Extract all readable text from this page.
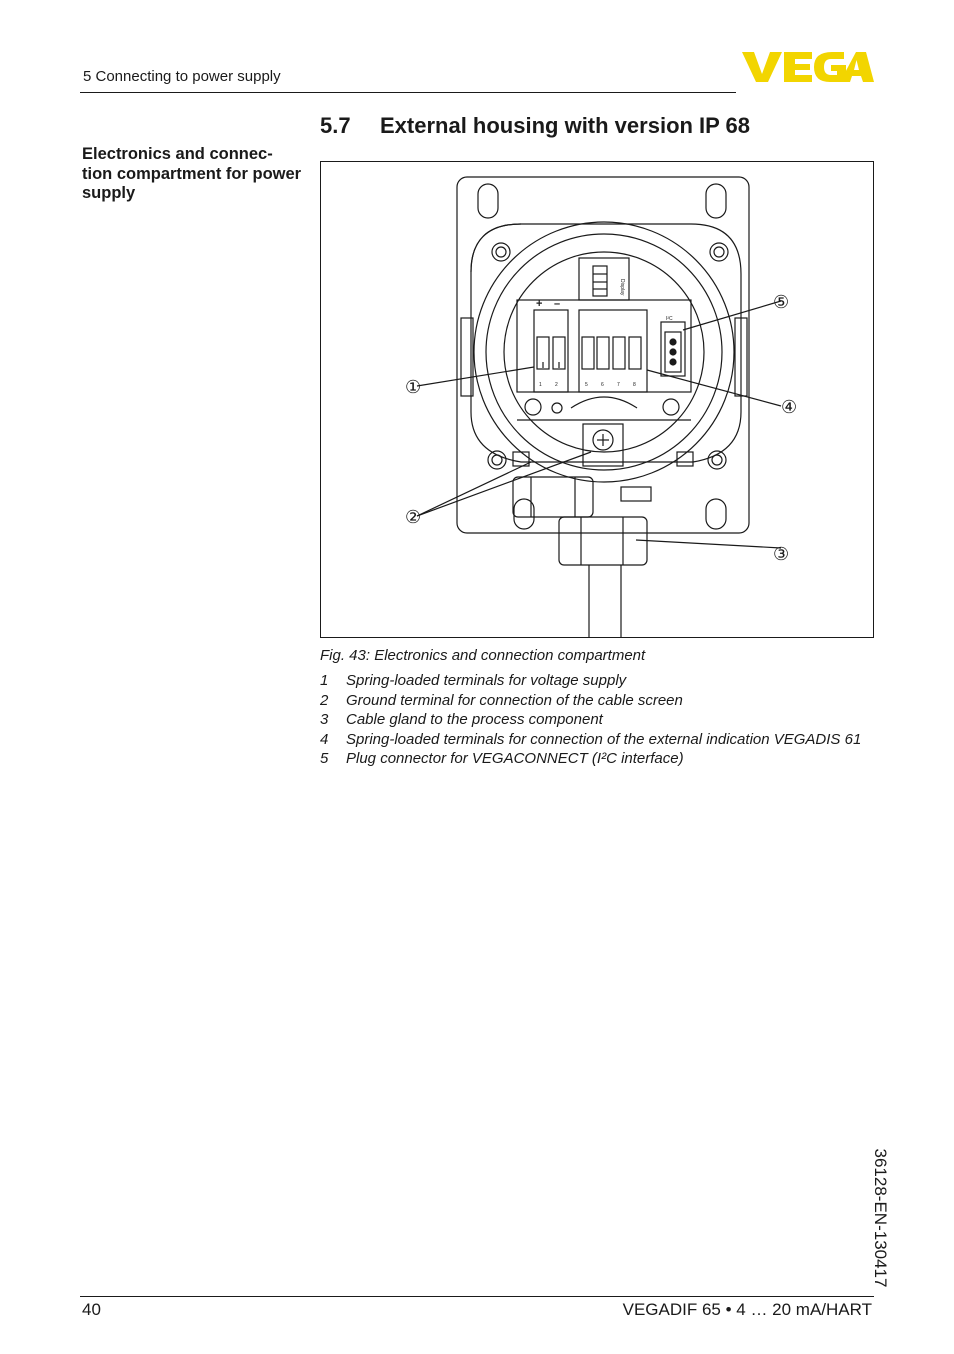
5 Connecting to power supply
5.7 External housing with version IP 68
Electronics and connec-tion compartment for power supply
①
②
③
④
⑤
1	2	5	6	7	8
I²C
Display
+ –
Fig. 43: Electronics and connection compartment
1	Spring-loaded terminals for voltage supply
2	Ground terminal for connection of the cable screen
3	Cable gland to the process component
4	Spring-loaded terminals for connection of the external indication VEGADIS 61
5	Plug connector for VEGACONNECT (I²C interface)
36128-EN-130417
40	VEGADIF 65 • 4 … 20 mA/HART
